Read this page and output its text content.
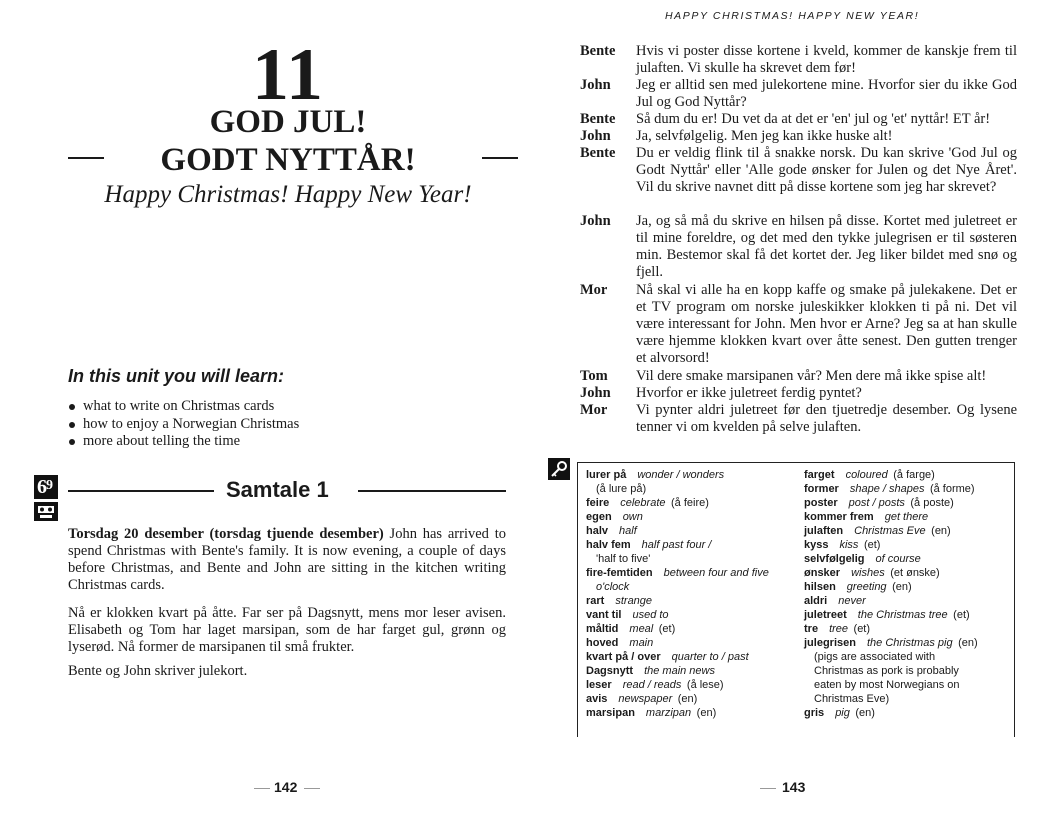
11
GOD JUL!
GODT NYTTÅR!
Happy Christmas! Happy New Year!
In this unit you will learn:
what to write on Christmas cards
how to enjoy a Norwegian Christmas
more about telling the time
6 9	Samtale 1
Torsdag 20 desember (torsdag tjuende desember) John has arrived to spend Christmas with Bente's family. It is now evening, a couple of days before Christmas, and Bente and John are sitting in the kitchen writing Christmas cards.
Nå er klokken kvart på åtte. Far ser på Dagsnytt, mens mor leser avisen. Elisabeth og Tom har laget marsipan, som de har farget gul, grønn og lyserød. Nå former de marsipanen til små frukter.
Bente og John skriver julekort.
142
HAPPY CHRISTMAS! HAPPY NEW YEAR!
Bente	Hvis vi poster disse kortene i kveld, kommer de kanskje frem til julaften. Vi skulle ha skrevet dem før!
John	Jeg er alltid sen med julekortene mine. Hvorfor sier du ikke God Jul og God Nyttår?
Bente	Så dum du er! Du vet da at det er 'en' jul og 'et' nyttår! ET år!
John	Ja, selvfølgelig. Men jeg kan ikke huske alt!
Bente	Du er veldig flink til å snakke norsk. Du kan skrive 'God Jul og Godt Nyttår' eller 'Alle gode ønsker for Julen og det Nye Året'. Vil du skrive navnet ditt på disse kortene som jeg har skrevet?
John	Ja, og så må du skrive en hilsen på disse. Kortet med juletreet er til mine foreldre, og det med den tykke julegrisen er til søsteren min. Bestemor skal få det kortet der. Jeg liker bildet med snø og fjell.
Mor	Nå skal vi alle ha en kopp kaffe og smake på julekakene. Det er et TV program om norske juleskikker klokken ti på ni. Det vil være interessant for John. Men hvor er Arne? Jeg sa at han skulle være hjemme klokken kvart over åtte senest. Den gutten trenger et alvorsord!
Tom	Vil dere smake marsipanen vår? Men dere må ikke spise alt!
John	Hvorfor er ikke juletreet ferdig pyntet?
Mor	Vi pynter aldri juletreet før den tjuetredje desember. Og lysene tenner vi om kvelden på selve julaften.
lurer på  wonder / wonders
(å lure på)
feire  celebrate (å feire)
egen  own
halv  half
halv fem  half past four /
'half to five'
fire-femtiden  between four and five
o'clock
rart  strange
vant til  used to
måltid  meal (et)
hoved  main
kvart på / over  quarter to / past
Dagsnytt  the main news
leser  read / reads (å lese)
avis  newspaper (en)
marsipan  marzipan (en)
farget  coloured (å farge)
former  shape / shapes (å forme)
poster  post / posts (å poste)
kommer frem  get there
julaften  Christmas Eve (en)
kyss  kiss (et)
selvfølgelig  of course
ønsker  wishes (et ønske)
hilsen  greeting (en)
aldri  never
juletreet  the Christmas tree (et)
tre  tree (et)
julegrisen  the Christmas pig (en)
(pigs are associated with
Christmas as pork is probably
eaten by most Norwegians on
Christmas Eve)
gris  pig (en)
143
